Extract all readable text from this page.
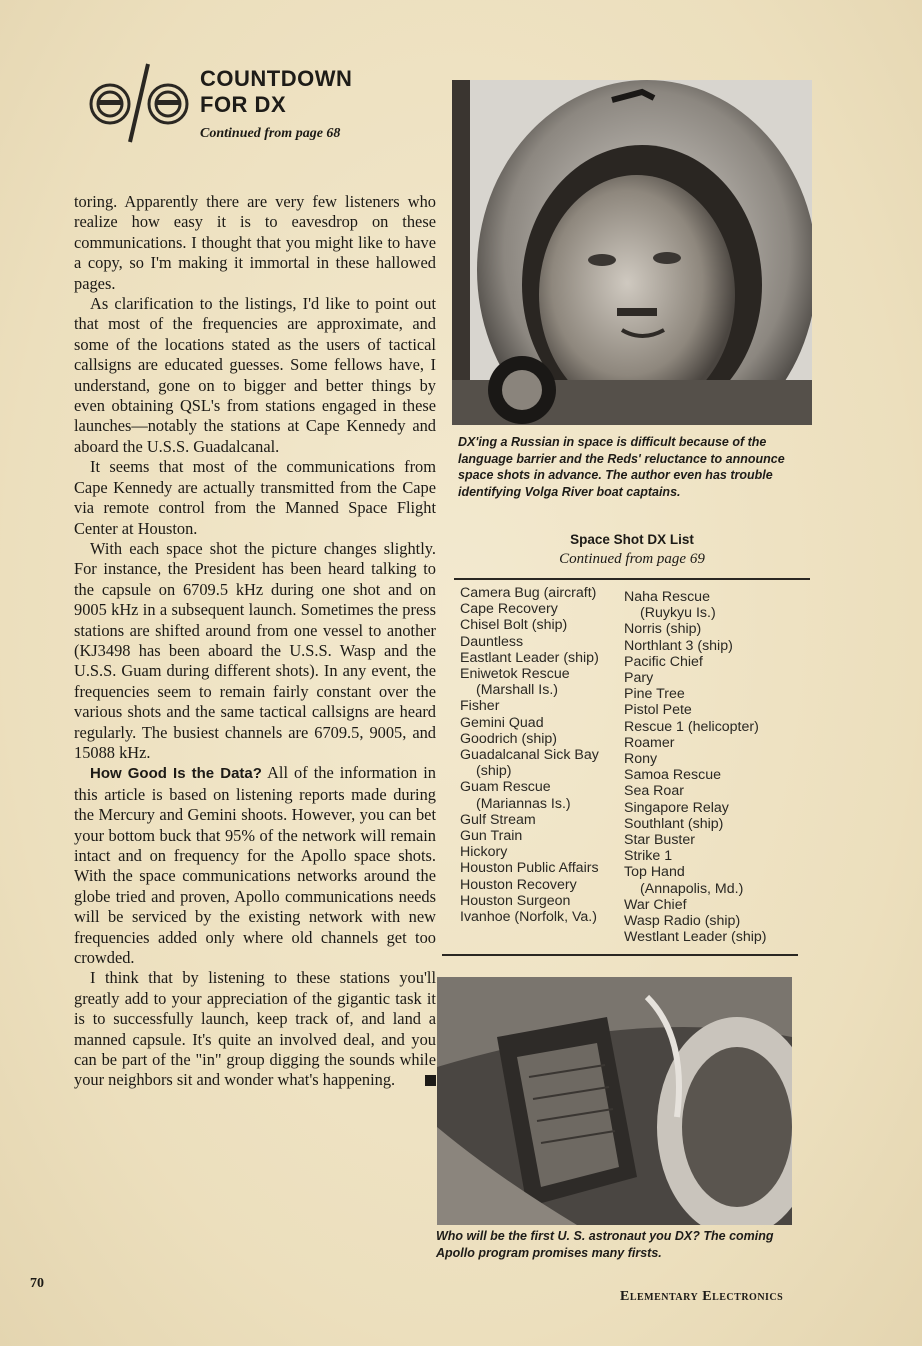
COUNTDOWN
FOR DX
Continued from page 68

toring. Apparently there are very few listeners who realize how easy it is to eavesdrop on these communications. I thought that you might like to have a copy, so I'm making it immortal in these hallowed pages.

As clarification to the listings, I'd like to point out that most of the frequencies are approximate, and some of the locations stated as the users of tactical callsigns are educated guesses. Some fellows have, I understand, gone on to bigger and better things by even obtaining QSL's from stations engaged in these launches—notably the stations at Cape Kennedy and aboard the U.S.S. Guadalcanal.

It seems that most of the communications from Cape Kennedy are actually transmitted from the Cape via remote control from the Manned Space Flight Center at Houston.

With each space shot the picture changes slightly. For instance, the President has been heard talking to the capsule on 6709.5 kHz during one shot and on 9005 kHz in a subsequent launch. Sometimes the press stations are shifted around from one vessel to another (KJ3498 has been aboard the U.S.S. Wasp and the U.S.S. Guam during different shots). In any event, the frequencies seem to remain fairly constant over the various shots and the same tactical callsigns are heard regularly. The busiest channels are 6709.5, 9005, and 15088 kHz.

How Good Is the Data? All of the information in this article is based on listening reports made during the Mercury and Gemini shoots. However, you can bet your bottom buck that 95% of the network will remain intact and on frequency for the Apollo space shots. With the space communications networks around the globe tried and proven, Apollo communications needs will be serviced by the existing network with new frequencies added only where old channels get too crowded.

I think that by listening to these stations you'll greatly add to your appreciation of the gigantic task it is to successfully launch, keep track of, and land a manned capsule. It's quite an involved deal, and you can be part of the "in" group digging the sounds while your neighbors sit and wonder what's happening.

DX'ing a Russian in space is difficult because of the language barrier and the Reds' reluctance to announce space shots in advance. The author even has trouble identifying Volga River boat captains.
Space Shot DX List
Continued from page 69
Camera Bug (aircraft)
Cape Recovery
Chisel Bolt (ship)
Dauntless
Eastlant Leader (ship)
Eniwetok Rescue
(Marshall Is.)
Fisher
Gemini Quad
Goodrich (ship)
Guadalcanal Sick Bay
(ship)
Guam Rescue
(Mariannas Is.)
Gulf Stream
Gun Train
Hickory
Houston Public Affairs
Houston Recovery
Houston Surgeon
Ivanhoe (Norfolk, Va.)
Naha Rescue
(Ruykyu Is.)
Norris (ship)
Northlant 3 (ship)
Pacific Chief
Pary
Pine Tree
Pistol Pete
Rescue 1 (helicopter)
Roamer
Rony
Samoa Rescue
Sea Roar
Singapore Relay
Southlant (ship)
Star Buster
Strike 1
Top Hand
(Annapolis, Md.)
War Chief
Wasp Radio (ship)
Westlant Leader (ship)
Who will be the first U. S. astronaut you DX? The coming Apollo program promises many firsts.
70
Elementary Electronics
